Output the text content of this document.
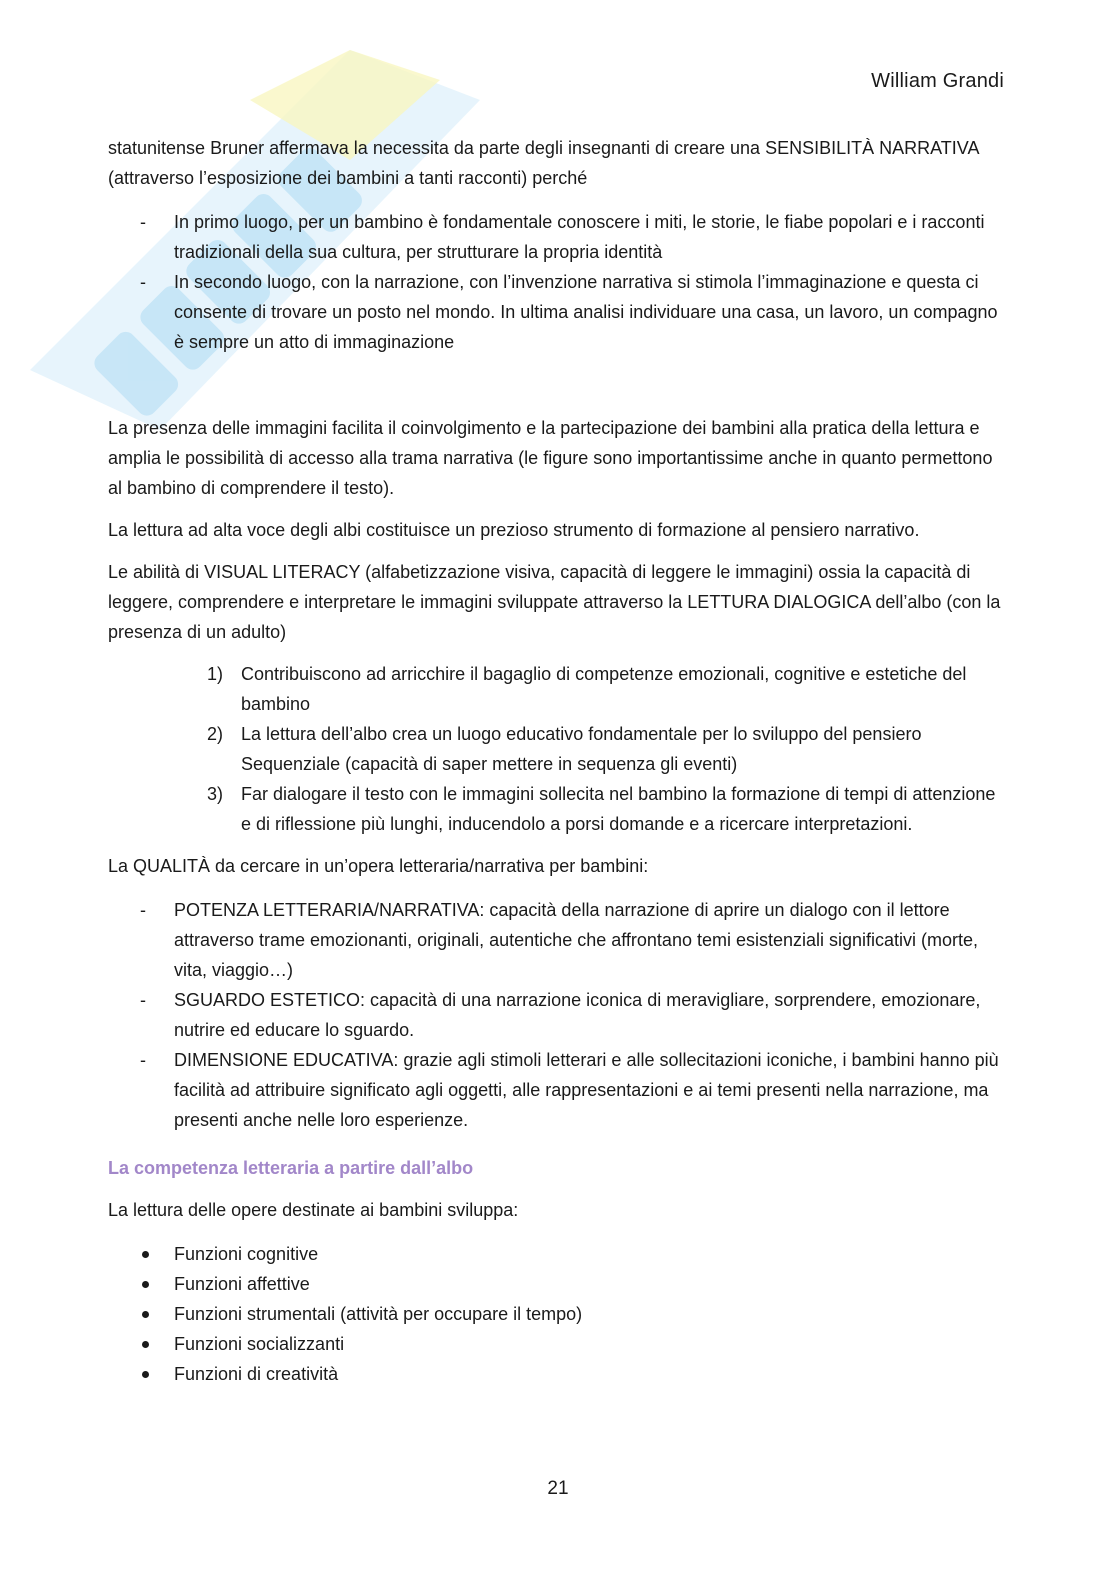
William Grandi

statunitense Bruner affermava la necessita da parte degli insegnanti di creare una SENSIBILITÀ NARRATIVA (attraverso l’esposizione dei bambini a tanti racconti) perché

- In primo luogo, per un bambino è fondamentale conoscere i miti, le storie, le fiabe popolari e i racconti tradizionali della sua cultura, per strutturare la propria identità
- In secondo luogo, con la narrazione, con l’invenzione narrativa si stimola l’immaginazione e questa ci consente di trovare un posto nel mondo. In ultima analisi individuare una casa, un lavoro, un compagno è sempre un atto di immaginazione

La presenza delle immagini facilita il coinvolgimento e la partecipazione dei bambini alla pratica della lettura e amplia le possibilità di accesso alla trama narrativa (le figure sono importantissime anche in quanto permettono al bambino di comprendere il testo).

La lettura ad alta voce degli albi costituisce un prezioso strumento di formazione al pensiero narrativo.

Le abilità di VISUAL LITERACY (alfabetizzazione visiva, capacità di leggere le immagini) ossia la capacità di leggere, comprendere e interpretare le immagini sviluppate attraverso la LETTURA DIALOGICA dell’albo (con la presenza di un adulto)

1) Contribuiscono ad arricchire il bagaglio di competenze emozionali, cognitive e estetiche del bambino
2) La lettura dell’albo crea un luogo educativo fondamentale per lo sviluppo del pensiero Sequenziale (capacità di saper mettere in sequenza gli eventi)
3) Far dialogare il testo con le immagini sollecita nel bambino la formazione di tempi di attenzione e di riflessione più lunghi, inducendolo a porsi domande e a ricercare interpretazioni.

La QUALITÀ da cercare in un’opera letteraria/narrativa per bambini:

- POTENZA LETTERARIA/NARRATIVA: capacità della narrazione di aprire un dialogo con il lettore attraverso trame emozionanti, originali, autentiche che affrontano temi esistenziali significativi (morte, vita, viaggio…)
- SGUARDO ESTETICO: capacità di una narrazione iconica di meravigliare, sorprendere, emozionare, nutrire ed educare lo sguardo.
- DIMENSIONE EDUCATIVA: grazie agli stimoli letterari e alle sollecitazioni iconiche, i bambini hanno più facilità ad attribuire significato agli oggetti, alle rappresentazioni e ai temi presenti nella narrazione, ma presenti anche nelle loro esperienze.

La competenza letteraria a partire dall’albo

La lettura delle opere destinate ai bambini sviluppa:

Funzioni cognitive
Funzioni affettive
Funzioni strumentali (attività per occupare il tempo)
Funzioni socializzanti
Funzioni di creatività
21
